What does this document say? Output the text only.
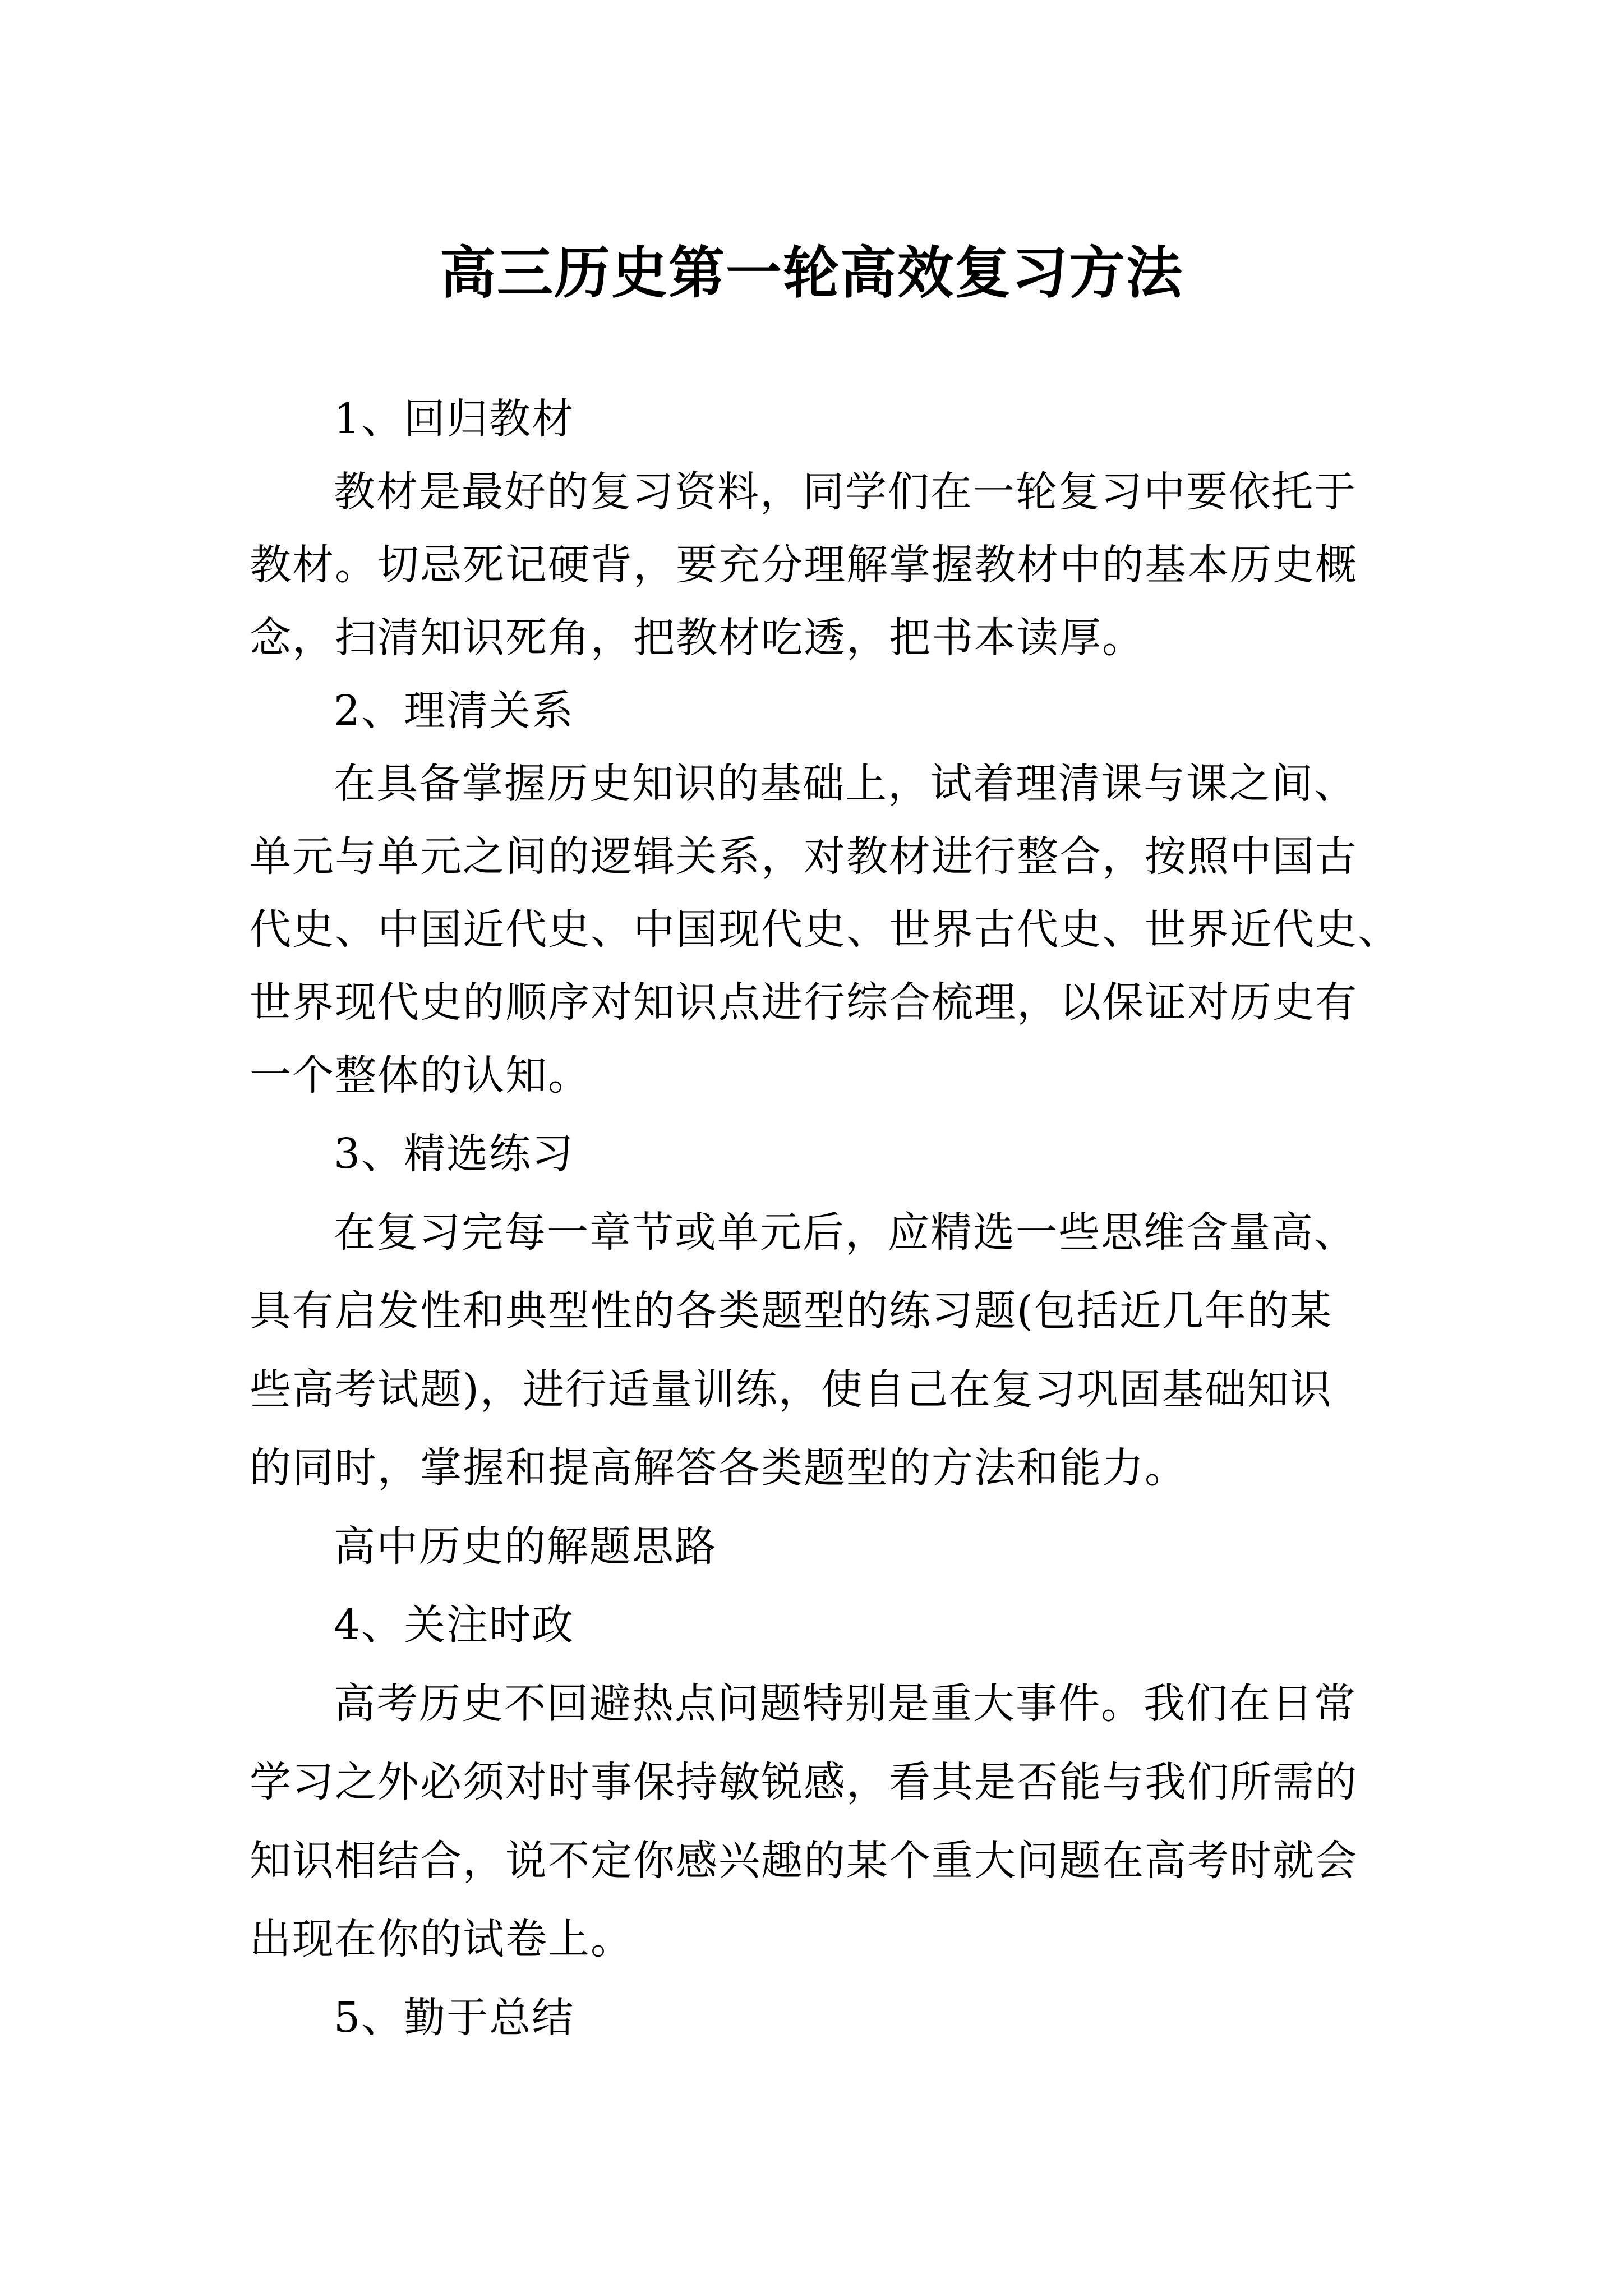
高三历史第一轮高效复习方法

1、回归教材

教材是最好的复习资料，同学们在一轮复习中要依托于

教材。切忌死记硬背，要充分理解掌握教材中的基本历史概

念，扫清知识死角，把教材吃透，把书本读厚。

2、理清关系

在具备掌握历史知识的基础上，试着理清课与课之间、

单元与单元之间的逻辑关系，对教材进行整合，按照中国古

代史、中国近代史、中国现代史、世界古代史、世界近代史、

世界现代史的顺序对知识点进行综合梳理，以保证对历史有

一个整体的认知。

3、精选练习

在复习完每一章节或单元后，应精选一些思维含量高、

具有启发性和典型性的各类题型的练习题(包括近几年的某

些高考试题)，进行适量训练，使自己在复习巩固基础知识

的同时，掌握和提高解答各类题型的方法和能力。

高中历史的解题思路

4、关注时政

高考历史不回避热点问题特别是重大事件。我们在日常

学习之外必须对时事保持敏锐感，看其是否能与我们所需的

知识相结合，说不定你感兴趣的某个重大问题在高考时就会

出现在你的试卷上。

5、勤于总结
